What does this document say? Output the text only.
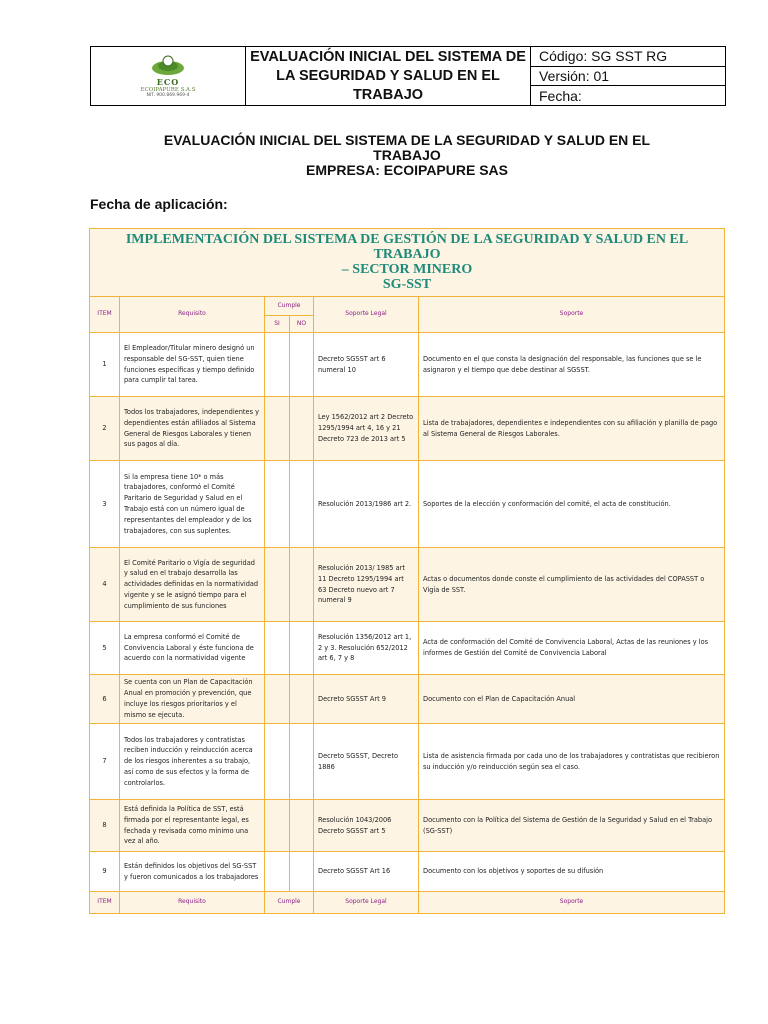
ECO
ECOIPAPURE S.A.S
NIT. 900.869.969-4
EVALUACIÓN INICIAL DEL SISTEMA DE LA SEGURIDAD Y SALUD EN EL TRABAJO
Código: SG SST RG
Versión: 01
Fecha:
EVALUACIÓN INICIAL DEL SISTEMA DE LA SEGURIDAD Y SALUD EN EL
TRABAJO
EMPRESA: ECOIPAPURE SAS
Fecha de aplicación:
IMPLEMENTACIÓN DEL SISTEMA DE GESTIÓN DE LA SEGURIDAD Y SALUD EN EL TRABAJO
– SECTOR MINERO
SG-SST					

ITEM	Requisito	Cumple		Soporte Legal	Soporte
		SI	NO		
1	El Empleador/Titular minero designó un responsable del SG-SST, quien tiene funciones específicas y tiempo definido para cumplir tal tarea.			Decreto SGSST art 6 numeral 10	Documento en el que consta la designación del responsable, las funciones que se le asignaron y el tiempo que debe destinar al SGSST.
2	Todos los trabajadores, independientes y dependientes están afiliados al Sistema General de Riesgos Laborales y tienen sus pagos al día.			Ley 1562/2012 art 2 Decreto 1295/1994 art 4, 16 y 21 Decreto 723 de 2013 art 5	Lista de trabajadores, dependientes e independientes con su afiliación y planilla de pago al Sistema General de Riesgos Laborales.
3	Si la empresa tiene 10* o más trabajadores, conformó el Comité Paritario de Seguridad y Salud en el Trabajo está con un número igual de representantes del empleador y de los trabajadores, con sus suplentes.			Resolución 2013/1986 art 2.	Soportes de la elección y conformación del comité, el acta de constitución.
4	El Comité Paritario o Vigía de seguridad y salud en el trabajo desarrolla las actividades definidas en la normatividad vigente y se le asignó tiempo para el cumplimiento de sus funciones			Resolución 2013/ 1985 art 11 Decreto 1295/1994 art 63 Decreto nuevo art 7 numeral 9	Actas o documentos donde conste el cumplimiento de las actividades del COPASST o Vigía de SST.
5	La empresa conformó el Comité de Convivencia Laboral y éste funciona de acuerdo con la normatividad vigente			Resolución 1356/2012 art 1, 2 y 3. Resolución 652/2012 art 6, 7 y 8	Acta de conformación del Comité de Convivencia Laboral, Actas de las reuniones y los informes de Gestión del Comité de Convivencia Laboral
6	Se cuenta con un Plan de Capacitación Anual en promoción y prevención, que incluye los riesgos prioritarios y el mismo se ejecuta.			Decreto SGSST Art 9	Documento con el Plan de Capacitación Anual
7	Todos los trabajadores y contratistas reciben inducción y reinducción acerca de los riesgos inherentes a su trabajo, así como de sus efectos y la forma de controlarlos.			Decreto SGSST, Decreto 1886	Lista de asistencia firmada por cada uno de los trabajadores y contratistas que recibieron su inducción y/o reinducción según sea el caso.
8	Está definida la Política de SST, está firmada por el representante legal, es fechada y revisada como mínimo una vez al año.			Resolución 1043/2006 Decreto SGSST art 5	Documento con la Política del Sistema de Gestión de la Seguridad y Salud en el Trabajo (SG-SST)
9	Están definidos los objetivos del SG-SST y fueron comunicados a los trabajadores			Decreto SGSST Art 16	Documento con los objetivos y soportes de su difusión
ITEM	Requisito	Cumple		Soporte Legal	Soporte
